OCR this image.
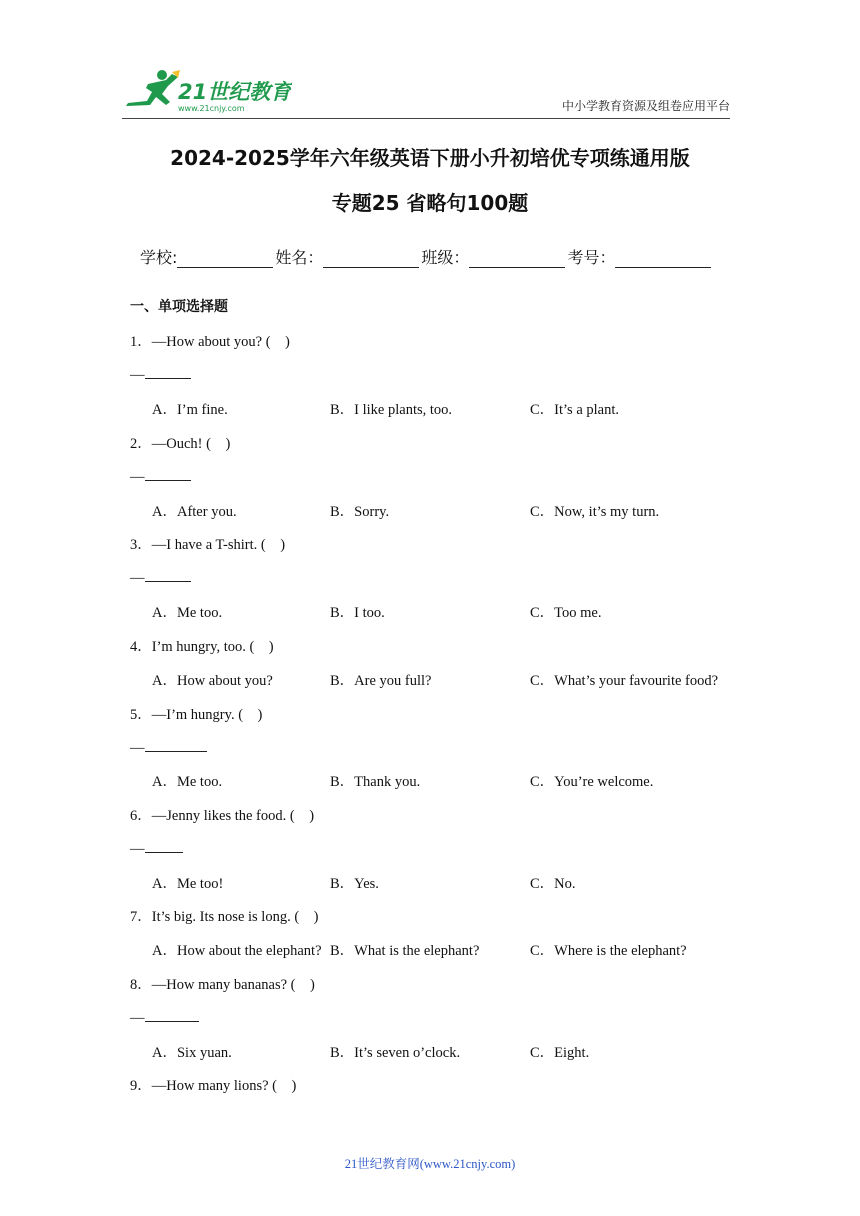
21世纪教育
www.21cnjy.com	中小学教育资源及组卷应用平台
2024-2025学年六年级英语下册小升初培优专项练通用版
专题25 省略句100题
学校:	姓名：	班级：	考号：
一、单项选择题
1．—How about you? (　)
—
A．I’m fine.	B．I like plants, too.	C．It’s a plant.
2．—Ouch! (　)
—
A．After you.	B．Sorry.	C．Now, it’s my turn.
3．—I have a T-shirt. (　)
—
A．Me too.	B．I too.	C．Too me.
4．I’m hungry, too. (　)
A．How about you?	B．Are you full?	C．What’s your favourite food?
5．—I’m hungry. (　)
—
A．Me too.	B．Thank you.	C．You’re welcome.
6．—Jenny likes the food. (　)
—
A．Me too!	B．Yes.	C．No.
7．It’s big. Its nose is long. (　)
A．How about the elephant? B．What is the elephant?	C．Where is the elephant?
8．—How many bananas? (　)
—
A．Six yuan.	B．It’s seven o’clock.	C．Eight.
9．—How many lions? (　)
21世纪教育网(www.21cnjy.com)
